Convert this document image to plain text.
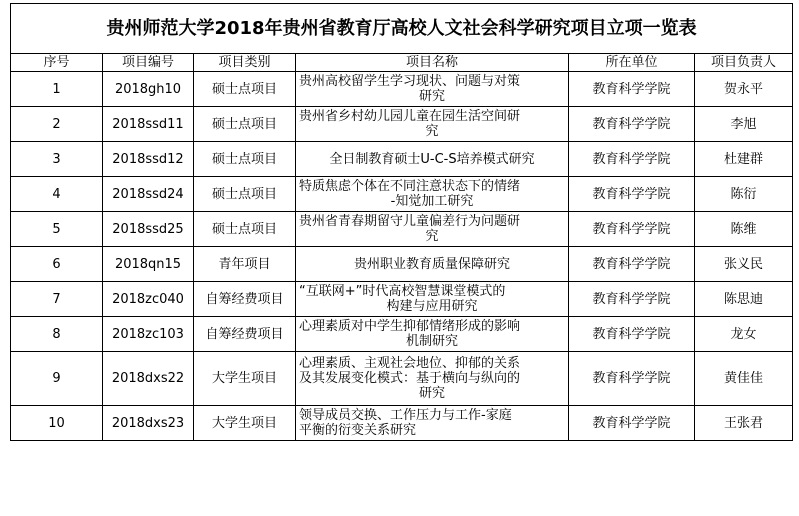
贵州师范大学2018年贵州省教育厅高校人文社会科学研究项目立项一览表					
序号	项目编号	项目类别	项目名称	所在单位	项目负责人
1	2018gh10	硕士点项目	贵州高校留学生学习现状、问题与对策
研究	教育科学学院	贺永平
2	2018ssd11	硕士点项目	贵州省乡村幼儿园儿童在园生活空间研
究	教育科学学院	李旭
3	2018ssd12	硕士点项目	全日制教育硕士U-C-S培养模式研究	教育科学学院	杜建群
4	2018ssd24	硕士点项目	特质焦虑个体在不同注意状态下的情绪
-知觉加工研究	教育科学学院	陈衍
5	2018ssd25	硕士点项目	贵州省青春期留守儿童偏差行为问题研
究	教育科学学院	陈维
6	2018qn15	青年项目	贵州职业教育质量保障研究	教育科学学院	张义民
7	2018zc040	自筹经费项目	“互联网+”时代高校智慧课堂模式的
构建与应用研究	教育科学学院	陈思迪
8	2018zc103	自筹经费项目	心理素质对中学生抑郁情绪形成的影响
机制研究	教育科学学院	龙女
9	2018dxs22	大学生项目	心理素质、主观社会地位、抑郁的关系
及其发展变化模式：基于横向与纵向的
研究	教育科学学院	黄佳佳
10	2018dxs23	大学生项目	领导成员交换、工作压力与工作-家庭
平衡的衍变关系研究	教育科学学院	王张君
